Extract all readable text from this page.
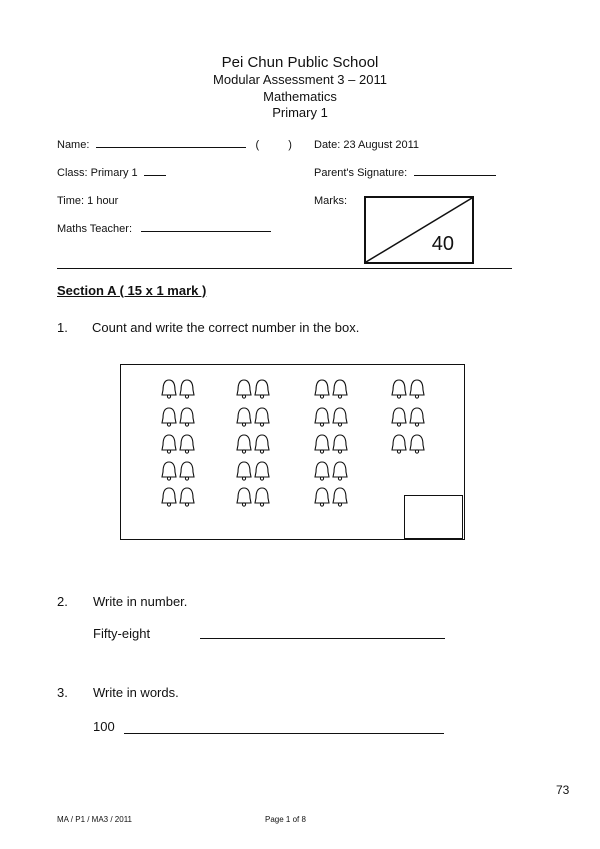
Pei Chun Public School
Modular Assessment 3 – 2011
Mathematics
Primary 1
Name:	(	) Date: 23 August 2011
Class: Primary 1	Parent's Signature:
Time: 1 hour	Marks:
Maths Teacher:
40
Section A ( 15 x 1 mark )
1. Count and write the correct number in the box.
2. Write in number.
Fifty-eight
3. Write in words.
100
73
MA / P1 / MA3 / 2011	Page 1 of 8
